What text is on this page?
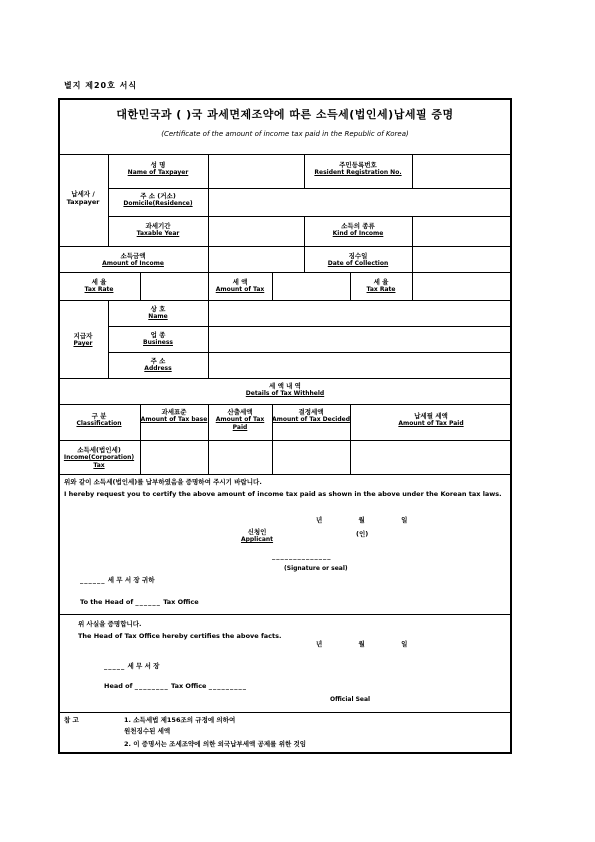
별지 제20호 서식
대한민국과 ( )국 과세면제조약에 따른 소득세(법인세)납세필 증명
(Certificate of the amount of income tax paid in the Republic of Korea)
납세자 / Taxpayer
성 명
Name of Taxpayer
주민등록번호
Resident Registration No.
주 소 (거소)
Domicile(Residence)
과세기간
Taxable Year
소득의 종류
Kind of Income
소득금액
Amount of Income
징수일
Date of Collection
세 율
Tax Rate
세 액
Amount of Tax
세 율
Tax Rate
지급자
Payer
상 호
Name
업 종
Business
주 소
Address
세 액 내 역
Details of Tax Withheld
구 분
Classification
과세표준
Amount of Tax base
산출세액
Amount of Tax Paid
결정세액
Amount of Tax Decided	납세필 세액
Amount of Tax Paid
소득세(법인세)
Income(Corporation) Tax
위와 같이 소득세(법인세)를 납부하였음을 증명하여 주시기 바랍니다.
I hereby request you to certify the above amount of income tax paid as shown in the above under the Korean tax laws.
년 월 일
신청인
Applicant
(인)
______________
(Signature or seal)
______ 세 무 서 장 귀하
To the Head of ______ Tax Office
위 사실을 증명합니다.
The Head of Tax Office hereby certifies the above facts.
년 월 일
_____ 세 무 서 장
Head of ________ Tax Office _________
Official Seal
참 고	1. 소득세법 제156조의 규정에 의하여
원천징수된 세액
2. 이 증명서는 조세조약에 의한 외국납부세액 공제를 위한 것임
